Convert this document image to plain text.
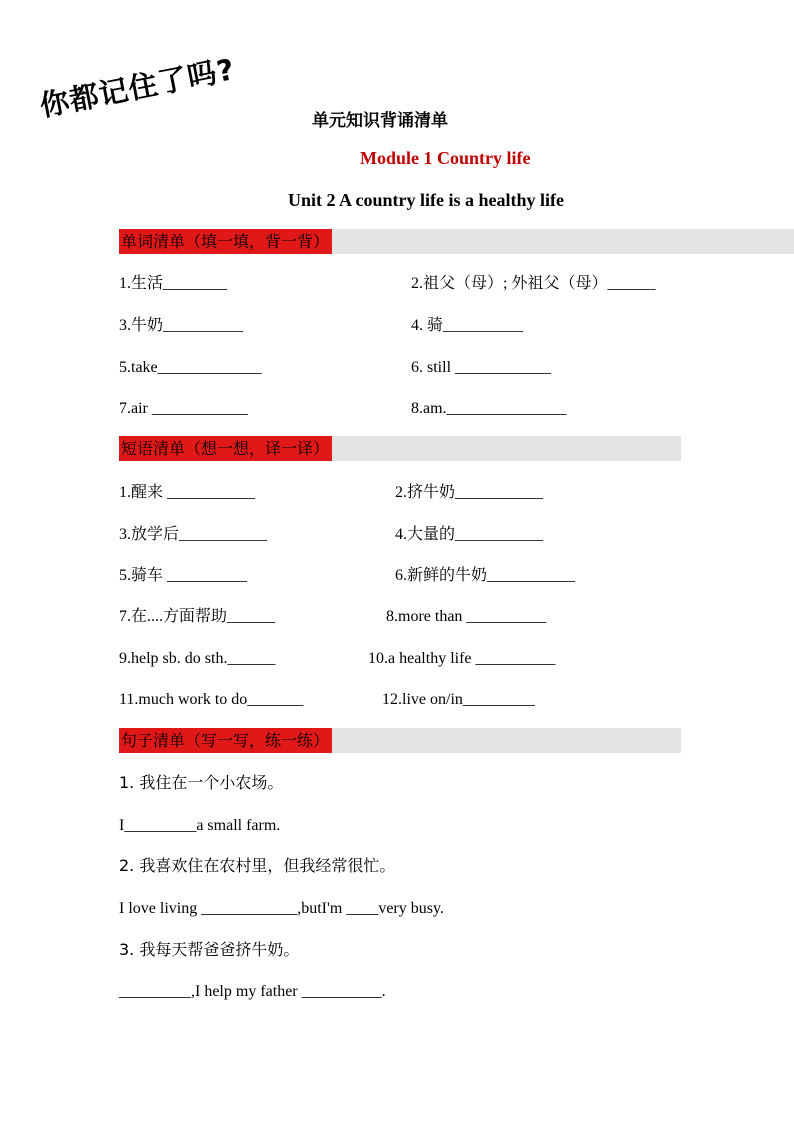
你都记住了吗?	单元知识背诵清单
Module 1 Country life
Unit 2 A country life is a healthy life
单词清单（填一填，背一背）
1.生活________	2.祖父（母）; 外祖父（母）______
3.牛奶__________	4. 骑__________
5.take_____________	6. still ____________
7.air ____________	8.am._______________
短语清单（想一想，译一译）
1.醒来 ___________	2.挤牛奶___________
3.放学后___________	4.大量的___________
5.骑车 __________	6.新鲜的牛奶___________
7.在....方面帮助______	8.more than __________
9.help sb. do sth.______	10.a healthy life __________
11.much work to do_______	12.live on/in_________
句子清单（写一写，练一练）
1. 我住在一个小农场。
I_________a small farm.
2. 我喜欢住在农村里，但我经常很忙。
I love living ____________,butI'm ____very busy.
3. 我每天帮爸爸挤牛奶。
_________,I help my father __________.
